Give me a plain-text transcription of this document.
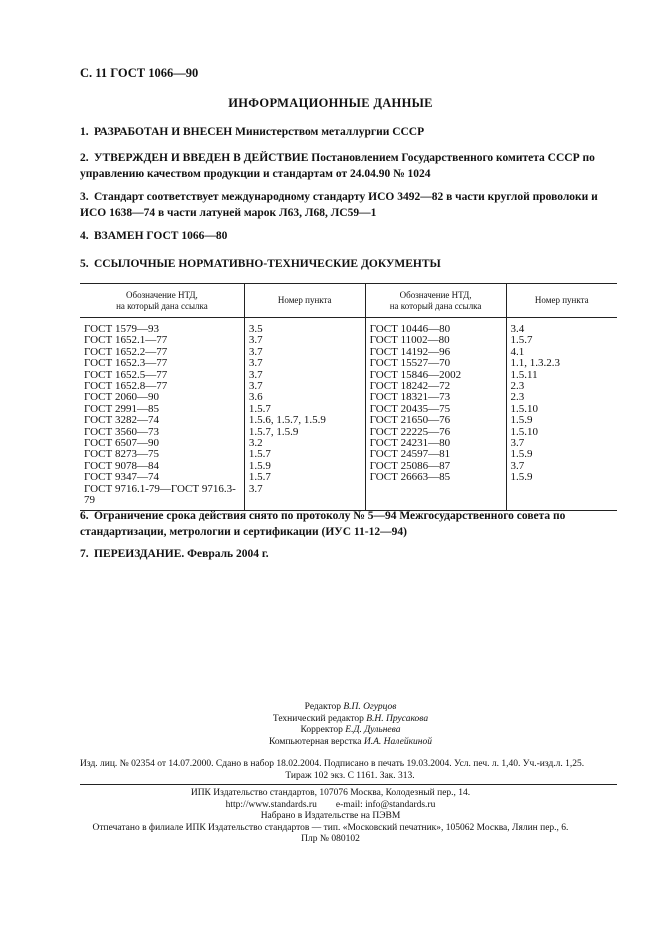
С. 11 ГОСТ 1066—90
ИНФОРМАЦИОННЫЕ ДАННЫЕ
1. РАЗРАБОТАН И ВНЕСЕН Министерством металлургии СССР
2. УТВЕРЖДЕН И ВВЕДЕН В ДЕЙСТВИЕ Постановлением Государственного комитета СССР по управлению качеством продукции и стандартам от 24.04.90 № 1024
3. Стандарт соответствует международному стандарту ИСО 3492—82 в части круглой проволоки и ИСО 1638—74 в части латуней марок Л63, Л68, ЛС59—1
4. ВЗАМЕН ГОСТ 1066—80
5. ССЫЛОЧНЫЕ НОРМАТИВНО-ТЕХНИЧЕСКИЕ ДОКУМЕНТЫ
Обозначение НТД,
на который дана ссылка	Номер пункта	Обозначение НТД,
на который дана ссылка	Номер пункта

ГОСТ 1579—93	3.5	ГОСТ 10446—80	3.4
ГОСТ 1652.1—77	3.7	ГОСТ 11002—80	1.5.7
ГОСТ 1652.2—77	3.7	ГОСТ 14192—96	4.1
ГОСТ 1652.3—77	3.7	ГОСТ 15527—70	1.1, 1.3.2.3
ГОСТ 1652.5—77	3.7	ГОСТ 15846—2002	1.5.11
ГОСТ 1652.8—77	3.7	ГОСТ 18242—72	2.3
ГОСТ 2060—90	3.6	ГОСТ 18321—73	2.3
ГОСТ 2991—85	1.5.7	ГОСТ 20435—75	1.5.10
ГОСТ 3282—74	1.5.6, 1.5.7, 1.5.9	ГОСТ 21650—76	1.5.9
ГОСТ 3560—73	1.5.7, 1.5.9	ГОСТ 22225—76	1.5.10
ГОСТ 6507—90	3.2	ГОСТ 24231—80	3.7
ГОСТ 8273—75	1.5.7	ГОСТ 24597—81	1.5.9
ГОСТ 9078—84	1.5.9	ГОСТ 25086—87	3.7
ГОСТ 9347—74	1.5.7	ГОСТ 26663—85	1.5.9
ГОСТ 9716.1-79—ГОСТ 9716.3-79	3.7		
6. Ограничение срока действия снято по протоколу № 5—94 Межгосударственного совета по стандартизации, метрологии и сертификации (ИУС 11-12—94)
7. ПЕРЕИЗДАНИЕ. Февраль 2004 г.
Редактор В.П. Огурцов
Технический редактор В.Н. Прусакова
Корректор Е.Д. Дульнева
Компьютерная верстка И.А. Налейкиной
Изд. лиц. № 02354 от 14.07.2000. Сдано в набор 18.02.2004. Подписано в печать 19.03.2004. Усл. печ. л. 1,40. Уч.-изд.л. 1,25.
Тираж 102 экз. С 1161. Зак. 313.
ИПК Издательство стандартов, 107076 Москва, Колодезный пер., 14.
http://www.standards.ru        e-mail: info@standards.ru
Набрано в Издательстве на ПЭВМ
Отпечатано в филиале ИПК Издательство стандартов — тип. «Московский печатник», 105062 Москва, Лялин пер., 6.
Плр № 080102
